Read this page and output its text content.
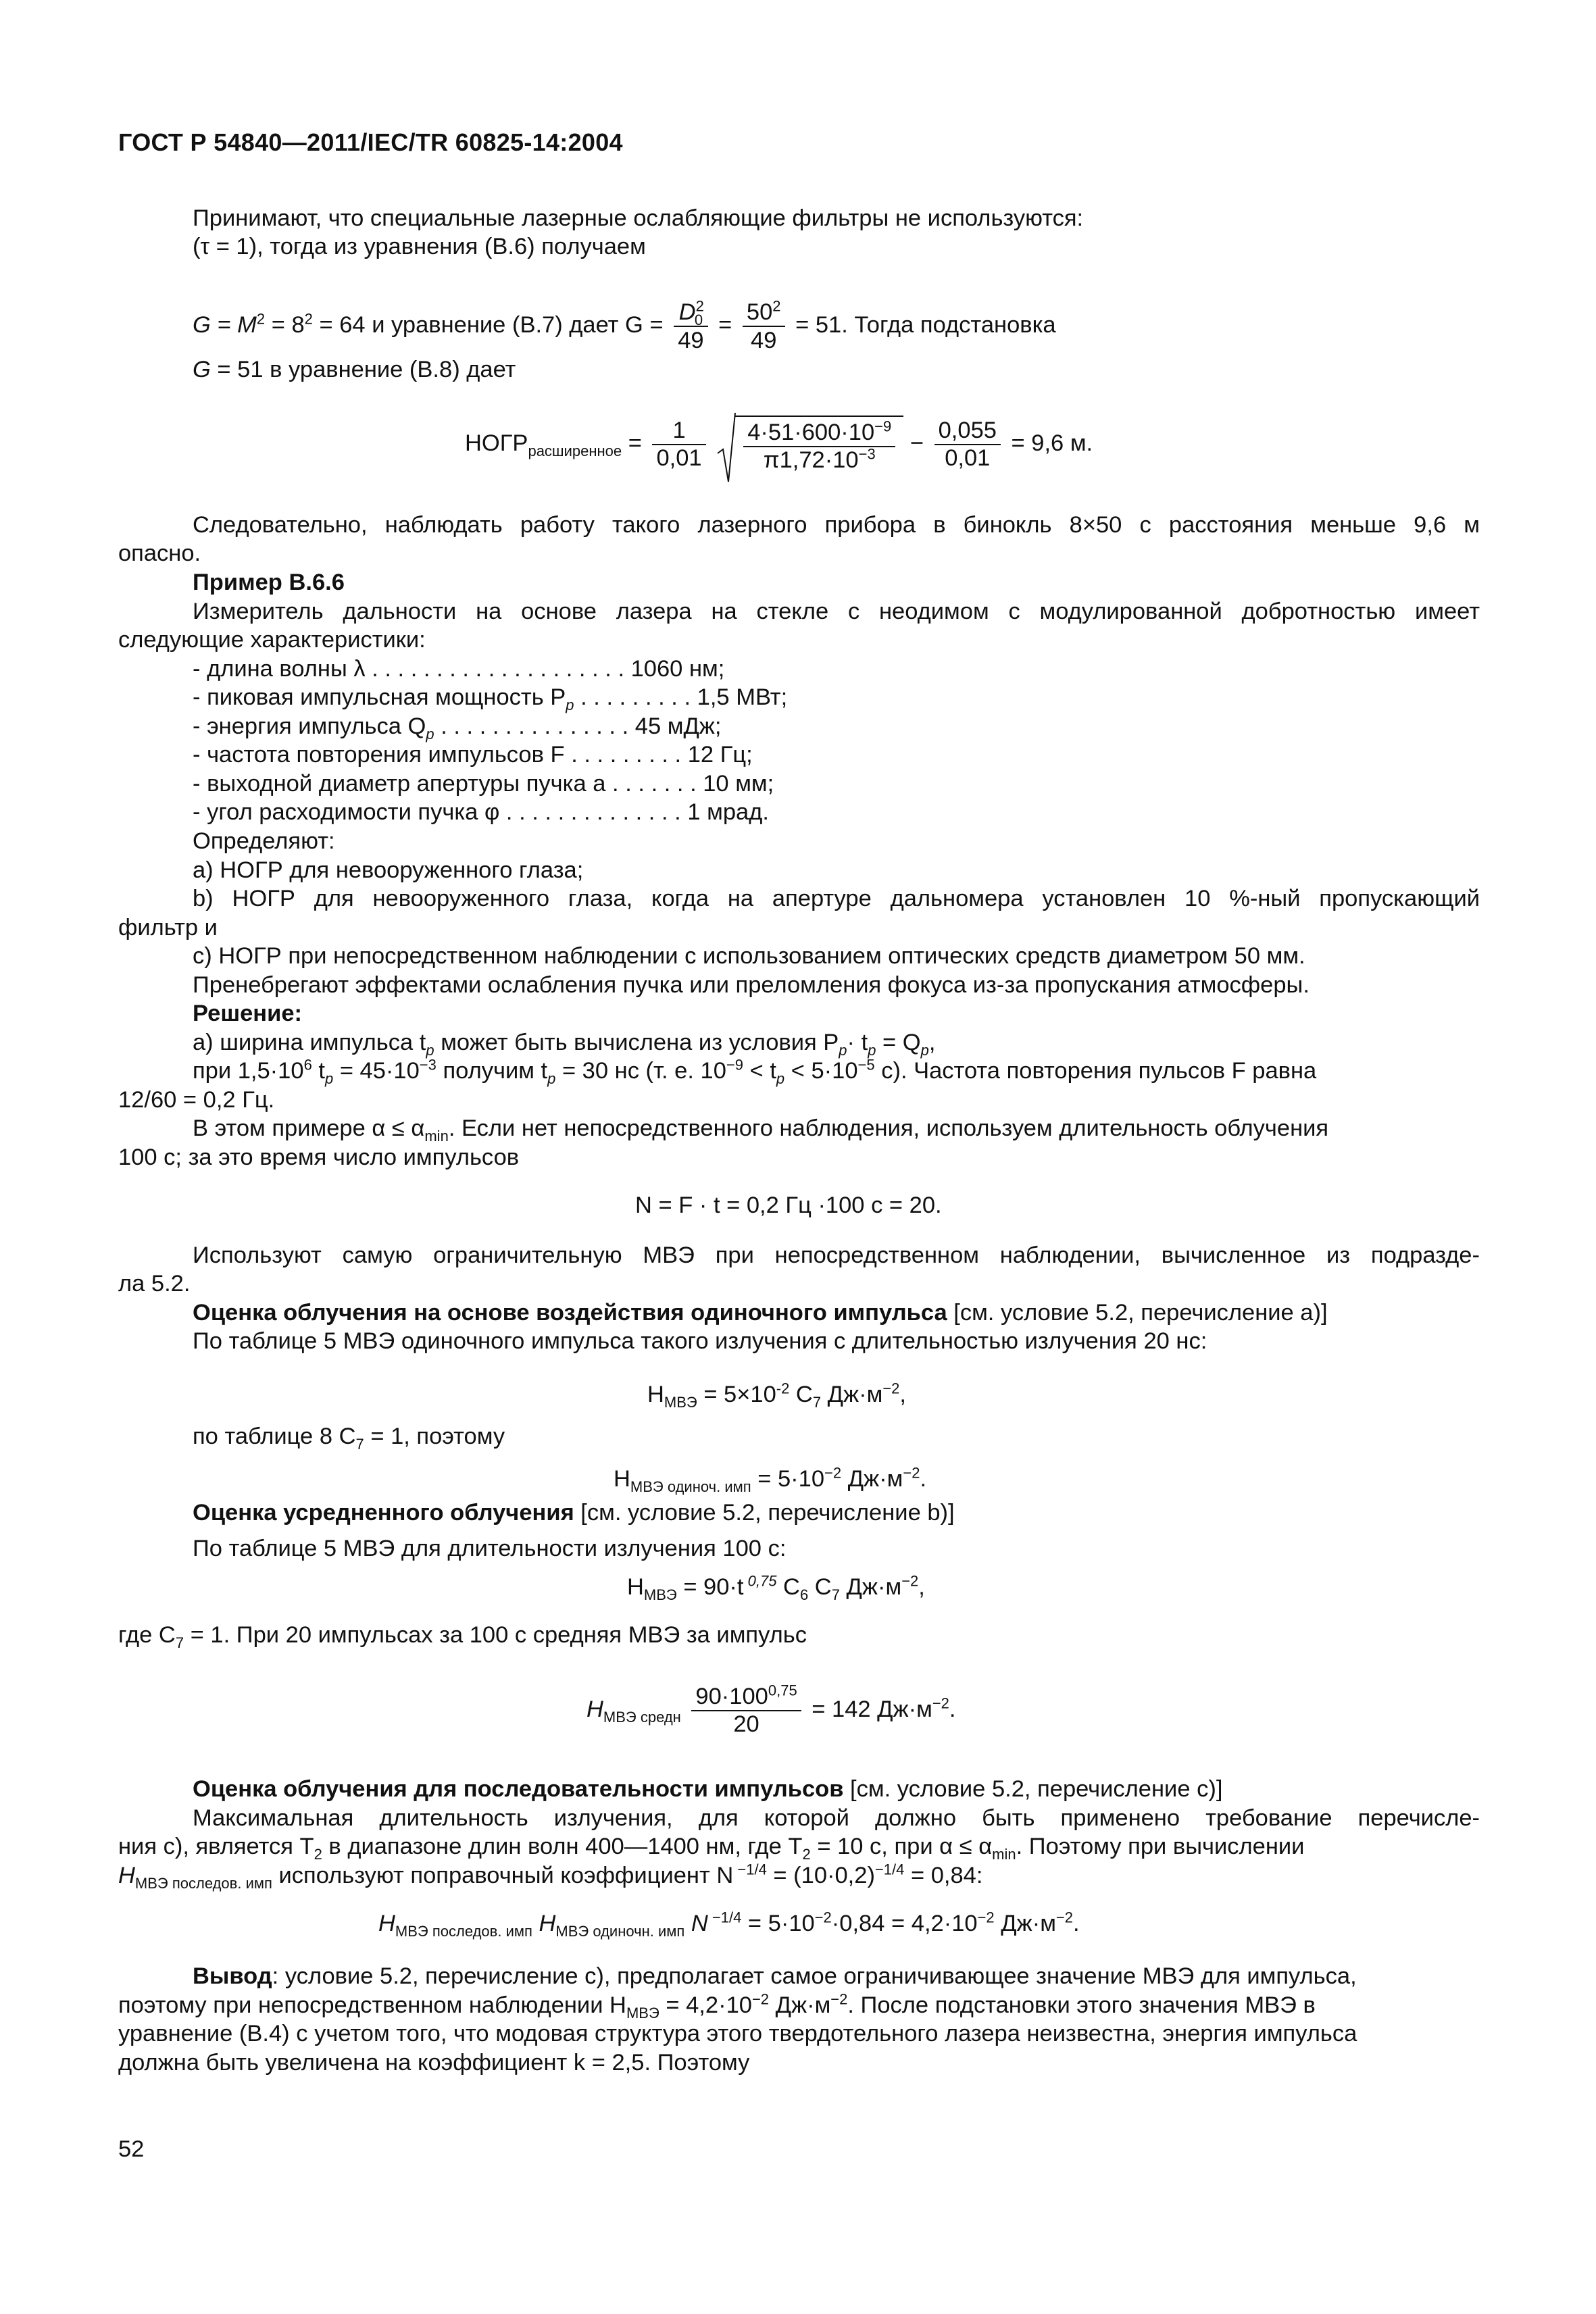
ГОСТ Р 54840—2011/IEC/TR 60825-14:2004
Принимают, что специальные лазерные ослабляющие фильтры не используются:
(τ = 1), тогда из уравнения (B.6) получаем
$G = M^2 = 8^2 = 64$ и уравнение (B.7) дает $G = \frac{D^2_0}{49} = \frac{50^2}{49} = 51$. Тогда подстановка
G = 51 в уравнение (B.8) дает
$НОГР_{расширенное} = \frac{1}{0,01}$
$\frac{4\cdot 51\cdot 600\cdot 10^{-9}}{\pi 1,72\cdot 10^{-3}} - \frac{0,055}{0,01} = 9,6$ м.
Следовательно, наблюдать работу такого лазерного прибора в бинокль 8×50 с расстояния меньше 9,6 м
опасно.
Пример B.6.6
Измеритель дальности на основе лазера на стекле с неодимом с модулированной добротностью имеет
следующие характеристики:
- длина волны λ . . . . . . . . . . . . . . . . . . . . 1060 нм;
- пиковая импульсная мощность $P_p$ . . . . . . . . . 1,5 МВт;
- энергия импульса $Q_p$ . . . . . . . . . . . . . . . 45 мДж;
- частота повторения импульсов F . . . . . . . . . 12 Гц;
- выходной диаметр апертуры пучка a . . . . . . . 10 мм;
- угол расходимости пучка φ . . . . . . . . . . . . . . 1 мрад.
Определяют:
a) НОГР для невооруженного глаза;
b) НОГР для невооруженного глаза, когда на апертуре дальномера установлен 10 %-ный пропускающий
фильтр и
c) НОГР при непосредственном наблюдении с использованием оптических средств диаметром 50 мм.
Пренебрегают эффектами ослабления пучка или преломления фокуса из-за пропускания атмосферы.
Решение:
a) ширина импульса $t_p$ может быть вычислена из условия $P_p\cdot t_p = Q_p$,
при $1,5\cdot 10^6$ $t_p = 45\cdot 10^{-3}$ получим $t_p = 30$ нс (т. е. $10^{-9} < t_p < 5\cdot 10^{-5}$ с). Частота повторения пульсов F равна
12/60 = 0,2 Гц.
В этом примере $\alpha \le \alpha_{min}$. Если нет непосредственного наблюдения, используем длительность облучения
100 с; за это время число импульсов
N = F · t = 0,2 Гц ·100 с = 20.
Используют самую ограничительную МВЭ при непосредственном наблюдении, вычисленное из подразде-
ла 5.2.
Оценка облучения на основе воздействия одиночного импульса [см. условие 5.2, перечисление а)]
По таблице 5 МВЭ одиночного импульса такого излучения с длительностью излучения 20 нс:
$H_{МВЭ} = 5\times 10^{-2}$ $C_7$ $Дж\cdot м^{-2}$,
по таблице 8 $C_7 = 1$, поэтому
$H_{МВЭ одиноч. имп} = 5\cdot 10^{-2}$ $Дж\cdot м^{-2}$.
Оценка усредненного облучения [см. условие 5.2, перечисление b)]
По таблице 5 МВЭ для длительности излучения 100 с:
$H_{МВЭ} = 90\cdot t$ $^{0,75}$ $C_6$ $C_7$ $Дж\cdot м^{-2}$,
где $C_7 = 1$. При 20 импульсах за 100 с средняя МВЭ за импульс
$H_{МВЭ средн} \frac{90\cdot 100^{0,75}}{20} = 142$ $Дж\cdot м^{-2}$.
Оценка облучения для последовательности импульсов [см. условие 5.2, перечисление c)]
Максимальная длительность излучения, для которой должно быть применено требование перечисле-
ния c), является $T_2$ в диапазоне длин волн 400—1400 нм, где $T_2 = 10$ с, при $\alpha \le \alpha_{min}$. Поэтому при вычислении
$H_{МВЭ последов. имп}$ используют поправочный коэффициент N $^{-1/4} = (10\cdot 0,2)^{-1/4} = 0,84$:
$H_{МВЭ последов. имп}$ $H_{МВЭ одиночн. имп}$ N $^{-1/4} = 5\cdot 10^{-2}\cdot 0,84 = 4,2\cdot 10^{-2}$ $Дж\cdot м^{-2}$.
Вывод: условие 5.2, перечисление c), предполагает самое ограничивающее значение МВЭ для импульса,
поэтому при непосредственном наблюдении $H_{МВЭ} = 4,2\cdot 10^{-2}$ $Дж\cdot м^{-2}$. После подстановки этого значения МВЭ в
уравнение (B.4) с учетом того, что модовая структура этого твердотельного лазера неизвестна, энергия импульса
должна быть увеличена на коэффициент k = 2,5. Поэтому
52
